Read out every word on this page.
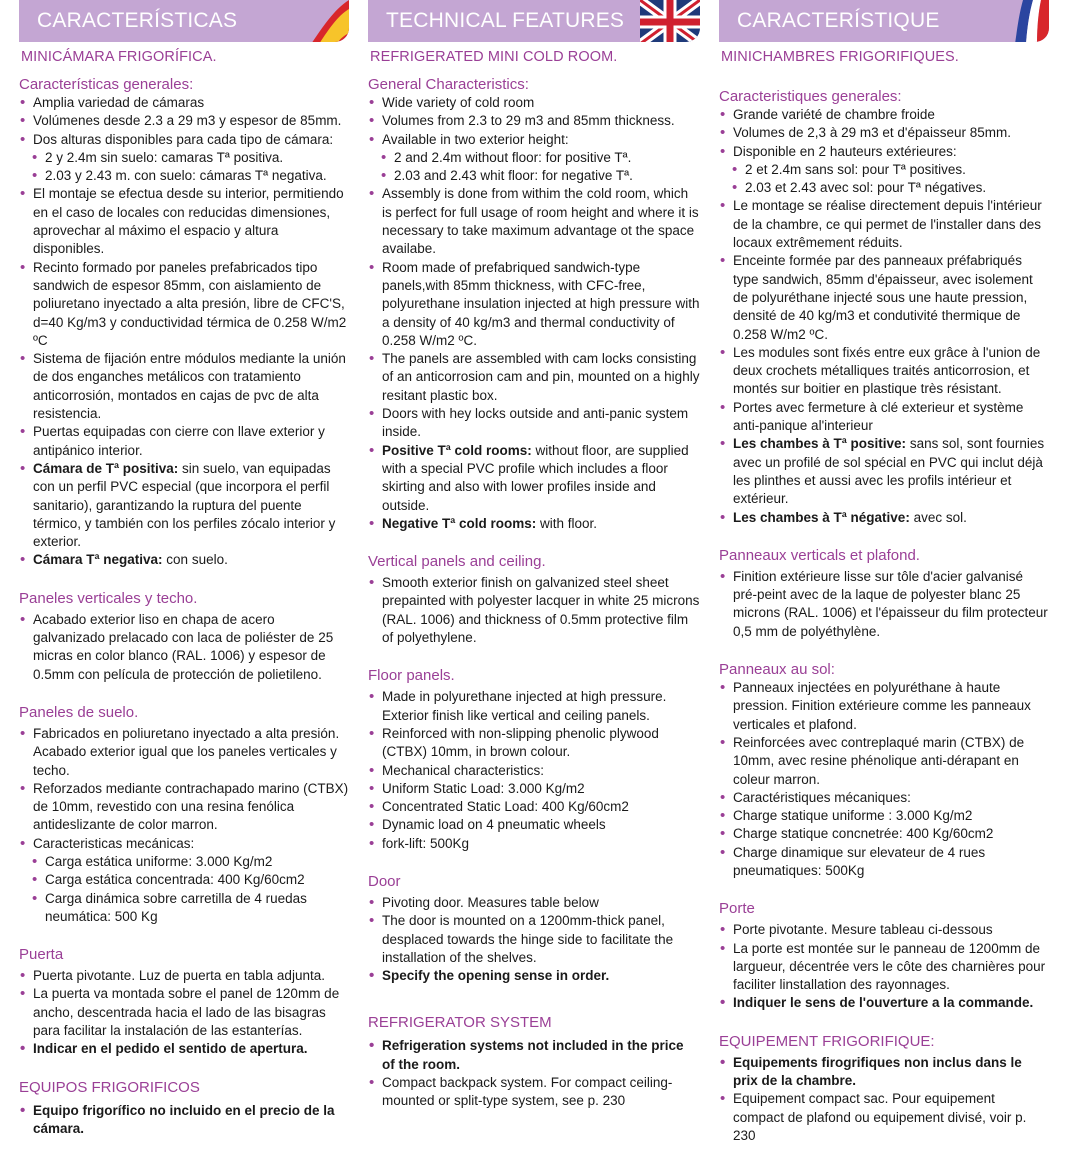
CARACTERÍSTICAS
MINICÁMARA FRIGORÍFICA.
Características generales:
• Amplia variedad de cámaras
• Volúmenes desde 2.3 a 29 m3 y espesor de 85mm.
• Dos alturas disponibles para cada tipo de cámara:
• 2 y 2.4m sin suelo: camaras Tª positiva.
• 2.03 y 2.43 m. con suelo: cámaras Tª negativa.
• El montaje se efectua desde su interior, permitiendo en el caso de locales con reducidas dimensiones, aprovechar al máximo el espacio y altura disponibles.
• Recinto formado por paneles prefabricados tipo sandwich de espesor 85mm, con aislamiento de poliuretano inyectado a alta presión, libre de CFC'S, d=40 Kg/m3 y conductividad térmica de 0.258 W/m2 ºC
• Sistema de fijación entre módulos mediante la unión de dos enganches metálicos con tratamiento anticorrosión, montados en cajas de pvc de alta resistencia.
• Puertas equipadas con cierre con llave exterior y antipánico interior.
• Cámara de Tª positiva: sin suelo, van equipadas con un perfil PVC especial (que incorpora el perfil sanitario), garantizando la ruptura del puente térmico, y también con los perfiles zócalo interior y exterior.
• Cámara Tª negativa: con suelo.
Paneles verticales y techo.
• Acabado exterior liso en chapa de acero galvanizado prelacado con laca de poliéster de 25 micras en color blanco (RAL. 1006) y espesor de 0.5mm con película de protección de polietileno.
Paneles de suelo.
• Fabricados en poliuretano inyectado a alta presión. Acabado exterior igual que los paneles verticales y techo.
• Reforzados mediante contrachapado marino (CTBX) de 10mm, revestido con una resina fenólica antideslizante de color marron.
• Caracteristicas mecánicas:
• Carga estática uniforme: 3.000 Kg/m2
• Carga estática concentrada: 400 Kg/60cm2
• Carga dinámica sobre carretilla de 4 ruedas neumática: 500 Kg
Puerta
• Puerta pivotante. Luz de puerta en tabla adjunta.
• La puerta va montada sobre el panel de 120mm de ancho, descentrada hacia el lado de las bisagras para facilitar la instalación de las estanterías.
• Indicar en el pedido el sentido de apertura.
EQUIPOS FRIGORIFICOS
• Equipo frigorífico no incluido en el precio de la cámara.
TECHNICAL FEATURES
REFRIGERATED MINI COLD ROOM.
General Characteristics:
• Wide variety of cold room
• Volumes from 2.3 to 29 m3 and 85mm thickness.
• Available in two exterior height:
• 2 and 2.4m without floor: for positive Tª.
• 2.03 and 2.43 whit floor: for negative Tª.
• Assembly is done from withim the cold room, which is perfect for full usage of room height and where it is necessary to take maximum advantage ot the space availabe.
• Room made of prefabriqued sandwich-type panels,with 85mm thickness, with CFC-free, polyurethane insulation injected at high pressure with a density of 40 kg/m3 and thermal conductivity of 0.258 W/m2 ºC.
• The panels are assembled with cam locks consisting of an anticorrosion cam and pin, mounted on a highly resitant plastic box.
• Doors with hey locks outside and anti-panic system inside.
• Positive Tª cold rooms: without floor, are supplied with a special PVC profile which includes a floor skirting and also with lower profiles inside and outside.
• Negative Tª cold rooms: with floor.
Vertical panels and ceiling.
• Smooth exterior finish on galvanized steel sheet prepainted with polyester lacquer in white 25 microns (RAL. 1006) and thickness of 0.5mm protective film of polyethylene.
Floor panels.
• Made in polyurethane injected at high pressure. Exterior finish like vertical and ceiling panels.
• Reinforced with non-slipping phenolic plywood (CTBX) 10mm, in brown colour.
• Mechanical characteristics:
• Uniform Static Load: 3.000 Kg/m2
• Concentrated Static Load: 400 Kg/60cm2
• Dynamic load on 4 pneumatic wheels
• fork-lift: 500Kg
Door
• Pivoting door. Measures table below
• The door is mounted on a 1200mm-thick panel, desplaced towards the hinge side to facilitate the installation of the shelves.
• Specify the opening sense in order.
REFRIGERATOR SYSTEM
• Refrigeration systems not included in the price of the room.
• Compact backpack system. For compact ceiling-mounted or split-type system, see p. 230
CARACTERÍSTIQUE
MINICHAMBRES FRIGORIFIQUES.
Caracteristiques generales:
• Grande variété de chambre froide
• Volumes de 2,3 à 29 m3 et d'épaisseur 85mm.
• Disponible en 2 hauteurs extérieures:
• 2 et 2.4m sans sol: pour Tª positives.
• 2.03 et 2.43 avec sol: pour Tª négatives.
• Le montage se réalise directement depuis l'intérieur de la chambre, ce qui permet de l'installer dans des locaux extrêmement réduits.
• Enceinte formée par des panneaux préfabriqués type sandwich, 85mm d'épaisseur, avec isolement de polyuréthane injecté sous une haute pression, densité de 40 kg/m3 et condutivité thermique de 0.258 W/m2 ºC.
• Les modules sont fixés entre eux grâce à l'union de deux crochets métalliques traités anticorrosion, et montés sur boitier en plastique très résistant.
• Portes avec fermeture à clé exterieur et système anti-panique al'interieur
• Les chambes à Tª positive: sans sol, sont fournies avec un profilé de sol spécial en PVC qui inclut déjà les plinthes et aussi avec les profils intérieur et extérieur.
• Les chambes à Tª négative: avec sol.
Panneaux verticals et plafond.
• Finition extérieure lisse sur tôle d'acier galvanisé pré-peint avec de la laque de polyester blanc 25 microns (RAL. 1006) et l'épaisseur du film protecteur 0,5 mm de polyéthylène.
Panneaux au sol:
• Panneaux injectées en polyuréthane à haute pression. Finition extérieure comme les panneaux verticales et plafond.
• Reinforcées avec contreplaqué marin (CTBX) de 10mm, avec resine phénolique anti-dérapant en coleur marron.
• Caractéristiques mécaniques:
• Charge statique uniforme : 3.000 Kg/m2
• Charge statique concnetrée: 400 Kg/60cm2
• Charge dinamique sur elevateur de 4 rues pneumatiques: 500Kg
Porte
• Porte pivotante. Mesure tableau ci-dessous
• La porte est montée sur le panneau de 1200mm de largueur, décentrée vers le côte des charnières pour faciliter linstallation des rayonnages.
• Indiquer le sens de l'ouverture a la commande.
EQUIPEMENT FRIGORIFIQUE:
• Equipements firogrifiques non inclus dans le prix de la chambre.
• Equipement compact sac. Pour equipement compact de plafond ou equipement divisé, voir p. 230
